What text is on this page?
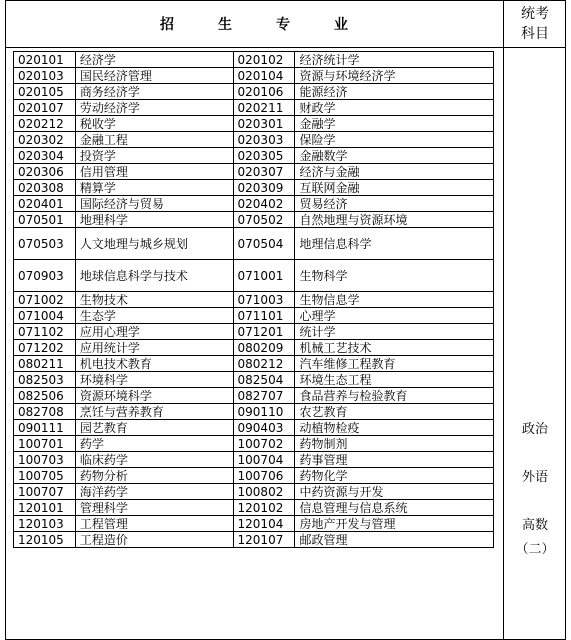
招	生	专	业
统考
科目
020101	经济学	020102	经济统计学
020103	国民经济管理	020104	资源与环境经济学
020105	商务经济学	020106	能源经济
020107	劳动经济学	020211	财政学
020212	税收学	020301	金融学
020302	金融工程	020303	保险学
020304	投资学	020305	金融数学
020306	信用管理	020307	经济与金融
020308	精算学	020309	互联网金融
020401	国际经济与贸易	020402	贸易经济
070501	地理科学	070502	自然地理与资源环境
070503	人文地理与城乡规划	070504	地理信息科学
070903	地球信息科学与技术	071001	生物科学
071002	生物技术	071003	生物信息学
071004	生态学	071101	心理学
071102	应用心理学	071201	统计学
071202	应用统计学	080209	机械工艺技术
080211	机电技术教育	080212	汽车维修工程教育
082503	环境科学	082504	环境生态工程
082506	资源环境科学	082707	食品营养与检验教育
082708	烹饪与营养教育	090110	农艺教育
090111	园艺教育	090403	动植物检疫
100701	药学	100702	药物制剂
100703	临床药学	100704	药事管理
100705	药物分析	100706	药物化学
100707	海洋药学	100802	中药资源与开发
120101	管理科学	120102	信息管理与信息系统
120103	工程管理	120104	房地产开发与管理
120105	工程造价	120107	邮政管理
政治
外语
高数
（二）
